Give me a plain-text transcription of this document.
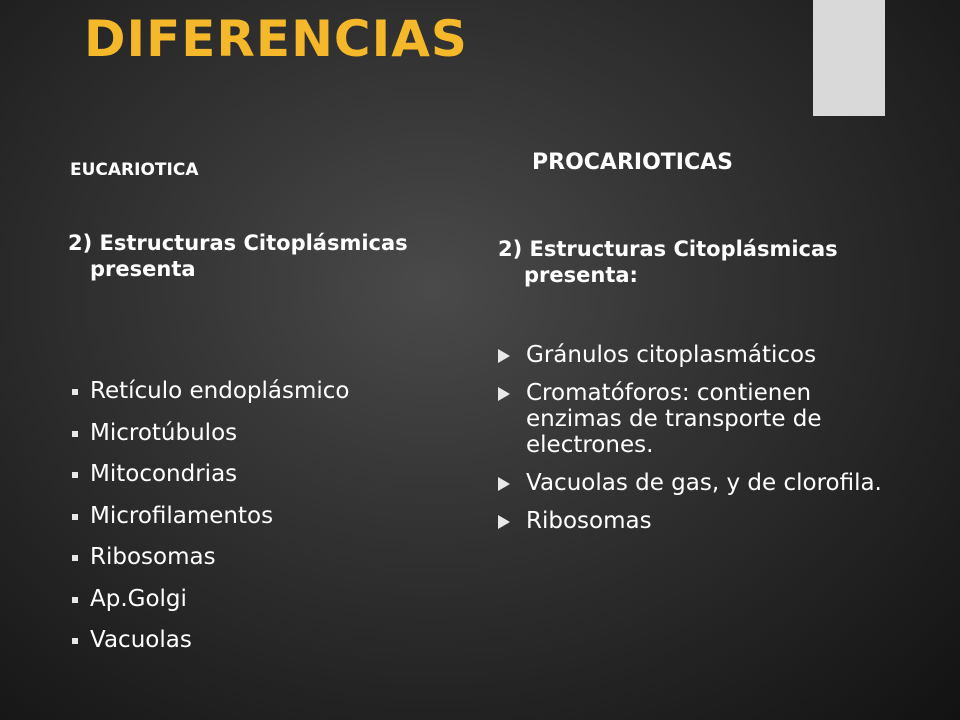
DIFERENCIAS
EUCARIOTICA	PROCARIOTICAS
2) Estructuras Citoplásmicas presenta
2) Estructuras Citoplásmicas presenta:
Retículo endoplásmico
Microtúbulos
Mitocondrias
Microfilamentos
Ribosomas
Ap.Golgi
Vacuolas
Gránulos citoplasmáticos
Cromatóforos: contienen enzimas de transporte de electrones.
Vacuolas de gas, y de clorofila.
Ribosomas
